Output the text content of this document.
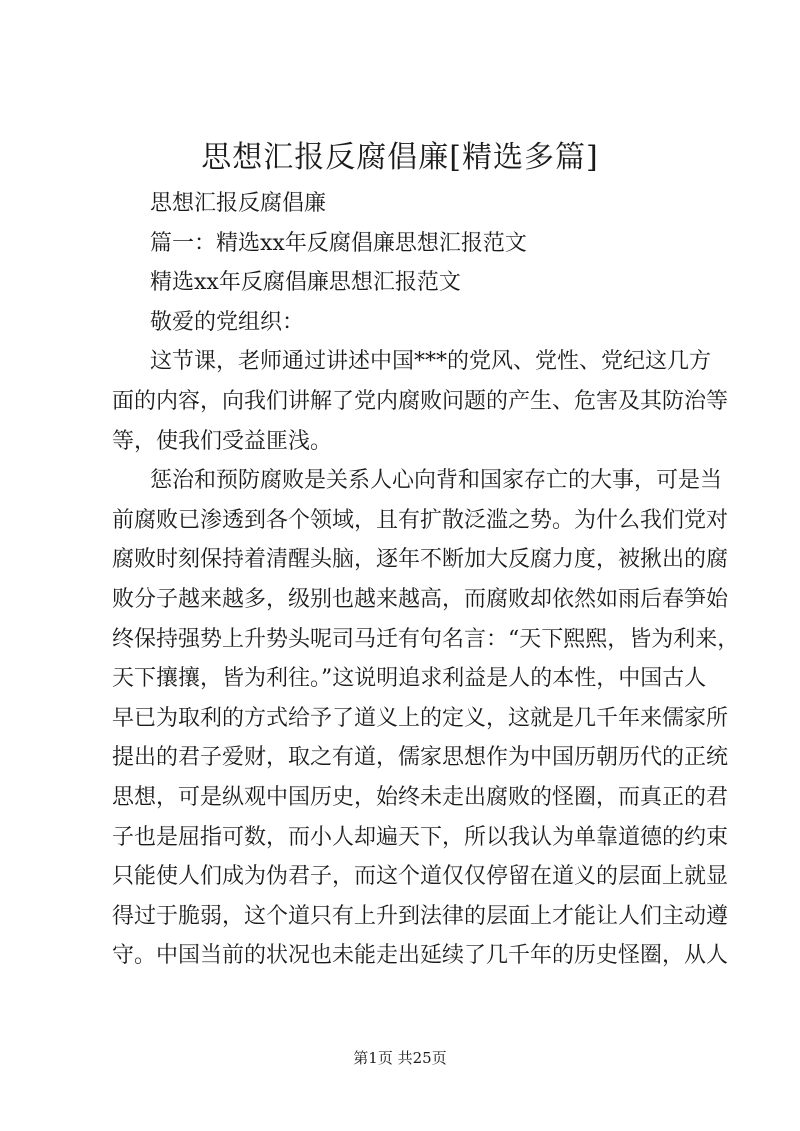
思想汇报反腐倡廉[精选多篇]
思想汇报反腐倡廉
篇一：精选xx年反腐倡廉思想汇报范文
精选xx年反腐倡廉思想汇报范文
敬爱的党组织：
这节课，老师通过讲述中国***的党风、党性、党纪这几方
面的内容，向我们讲解了党内腐败问题的产生、危害及其防治等
等，使我们受益匪浅。
惩治和预防腐败是关系人心向背和国家存亡的大事，可是当
前腐败已渗透到各个领域，且有扩散泛滥之势。为什么我们党对
腐败时刻保持着清醒头脑，逐年不断加大反腐力度，被揪出的腐
败分子越来越多，级别也越来越高，而腐败却依然如雨后春笋始
终保持强势上升势头呢司马迁有句名言：“天下熙熙，皆为利来，
天下攘攘，皆为利往。”这说明追求利益是人的本性，中国古人
早已为取利的方式给予了道义上的定义，这就是几千年来儒家所
提出的君子爱财，取之有道，儒家思想作为中国历朝历代的正统
思想，可是纵观中国历史，始终未走出腐败的怪圈，而真正的君
子也是屈指可数，而小人却遍天下，所以我认为单靠道德的约束
只能使人们成为伪君子，而这个道仅仅停留在道义的层面上就显
得过于脆弱，这个道只有上升到法律的层面上才能让人们主动遵
守。中国当前的状况也未能走出延续了几千年的历史怪圈，从人
第1页 共25页
